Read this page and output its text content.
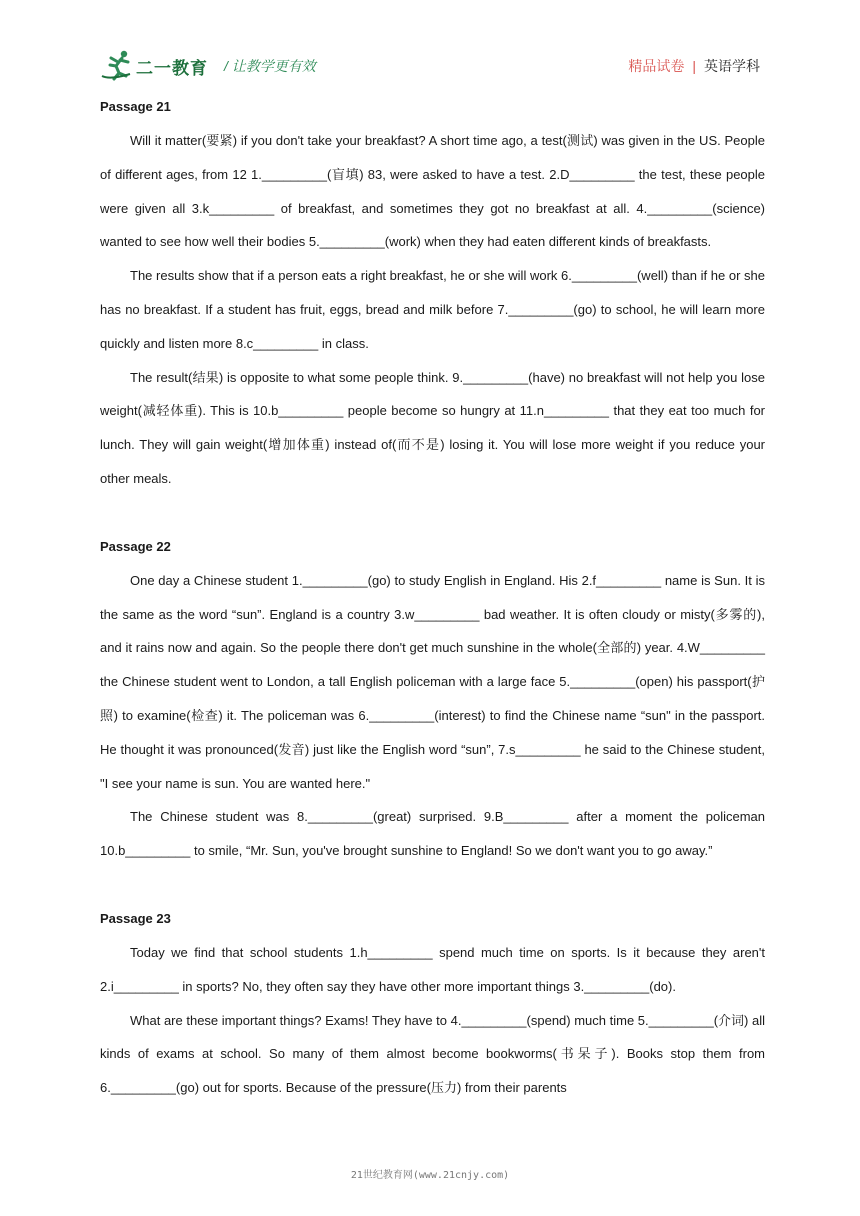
二一教育 / 让教学更有效	精品试卷 | 英语学科

Passage 21

Will it matter(要紧) if you don't take your breakfast? A short time ago, a test(测试) was given in the US. People of different ages, from 12 1._________(盲填) 83, were asked to have a test. 2.D_________ the test, these people were given all 3.k_________ of breakfast, and sometimes they got no breakfast at all. 4._________(science) wanted to see how well their bodies 5._________(work) when they had eaten different kinds of breakfasts.

The results show that if a person eats a right breakfast, he or she will work 6._________(well) than if he or she has no breakfast. If a student has fruit, eggs, bread and milk before 7._________(go) to school, he will learn more quickly and listen more 8.c_________ in class.

The result(结果) is opposite to what some people think. 9._________(have) no breakfast will not help you lose weight(减轻体重). This is 10.b_________ people become so hungry at 11.n_________ that they eat too much for lunch. They will gain weight(增加体重) instead of(而不是) losing it. You will lose more weight if you reduce your other meals.

Passage 22

One day a Chinese student 1._________(go) to study English in England. His 2.f_________ name is Sun. It is the same as the word “sun”. England is a country 3.w_________ bad weather. It is often cloudy or misty(多雾的), and it rains now and again. So the people there don't get much sunshine in the whole(全部的) year. 4.W_________ the Chinese student went to London, a tall English policeman with a large face 5._________(open) his passport(护照) to examine(检查) it. The policeman was 6._________(interest) to find the Chinese name “sun" in the passport. He thought it was pronounced(发音) just like the English word “sun”, 7.s_________ he said to the Chinese student, "I see your name is sun. You are wanted here."

The Chinese student was 8._________(great) surprised. 9.B_________ after a moment the policeman 10.b_________ to smile, “Mr. Sun, you've brought sunshine to England! So we don't want you to go away.”

Passage 23

Today we find that school students 1.h_________ spend much time on sports. Is it because they aren't 2.i_________ in sports? No, they often say they have other more important things 3._________(do).

What are these important things? Exams! They have to 4._________(spend) much time 5._________(介词) all kinds of exams at school. So many of them almost become bookworms(书呆子). Books stop them from 6._________(go) out for sports. Because of the pressure(压力) from their parents

21世纪教育网(www.21cnjy.com)
